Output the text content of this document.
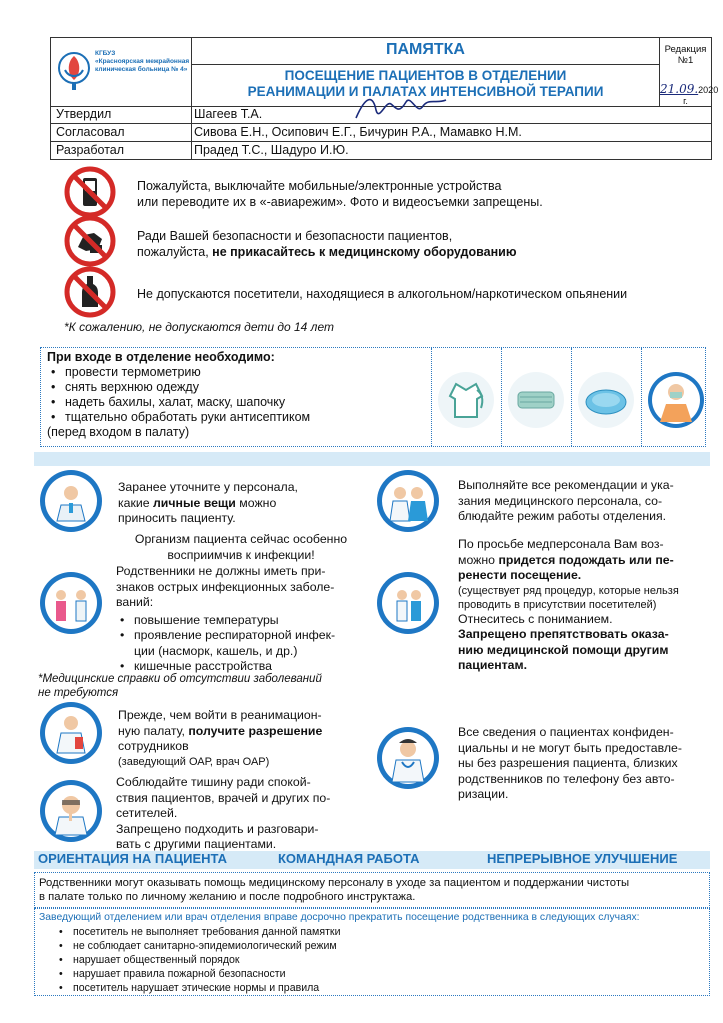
КГБУЗ
«Красноярская межрайонная
клиническая больница № 4»
ПАМЯТКА
ПОСЕЩЕНИЕ ПАЦИЕНТОВ В ОТДЕЛЕНИИ
РЕАНИМАЦИИ И ПАЛАТАХ ИНТЕНСИВНОЙ ТЕРАПИИ
Редакция №1
21.09.2020 г.
Утвердил	Шагеев Т.А.
Согласовал	Сивова Е.Н., Осипович Е.Г., Бичурин Р.А., Мамавко Н.М.
Разработал	Прадед Т.С., Шадуро И.Ю.
Пожалуйста, выключайте мобильные/электронные устройства
или переводите их в «-авиарежим». Фото и видеосъемки запрещены.
Ради Вашей безопасности и безопасности пациентов,
пожалуйста, не прикасайтесь к медицинскому оборудованию
Не допускаются посетители, находящиеся в алкогольном/наркотическом опьянении
*К сожалению, не допускаются дети до 14 лет
При входе в отделение необходимо:
• провести термометрию
• снять верхнюю одежду
• надеть бахилы, халат, маску, шапочку
• тщательно обработать руки антисептиком
(перед входом в палату)
Заранее уточните у персонала,
какие личные вещи можно
приносить пациенту.
Организм пациента сейчас особенно
восприимчив к инфекции!
Родственники не должны иметь при-
знаков острых инфекционных заболе-
ваний:
• повышение температуры
• проявление респираторной инфек-
ции (насморк, кашель, и др.)
• кишечные расстройства
*Медицинские справки об отсутствии заболеваний
не требуются
Прежде, чем войти в реанимацион-
ную палату, получите разрешение
сотрудников
(заведующий ОАР, врач ОАР)
Соблюдайте тишину ради спокой-
ствия пациентов, врачей и других по-
сетителей.
Запрещено подходить и разговари-
вать с другими пациентами.
Выполняйте все рекомендации и ука-
зания медицинского персонала, со-
блюдайте режим работы отделения.
По просьбе медперсонала Вам воз-
можно придется подождать или пе-
ренести посещение.
(существует ряд процедур, которые нельзя
проводить в присутствии посетителей)
Отнеситесь с пониманием.
Запрещено препятствовать оказа-
нию медицинской помощи другим
пациентам.
Все сведения о пациентах конфиден-
циальны и не могут быть предоставле-
ны без разрешения пациента, близких
родственников по телефону без авто-
ризации.
ОРИЕНТАЦИЯ НА ПАЦИЕНТА	КОМАНДНАЯ РАБОТА	НЕПРЕРЫВНОЕ УЛУЧШЕНИЕ
Родственники могут оказывать помощь медицинскому персоналу в уходе за пациентом и поддержании чистоты
в палате только по личному желанию и после подробного инструктажа.
Заведующий отделением или врач отделения вправе досрочно прекратить посещение родственника в следующих случаях:
• посетитель не выполняет требования данной памятки
• не соблюдает санитарно-эпидемиологический режим
• нарушает общественный порядок
• нарушает правила пожарной безопасности
• посетитель нарушает этические нормы и правила
